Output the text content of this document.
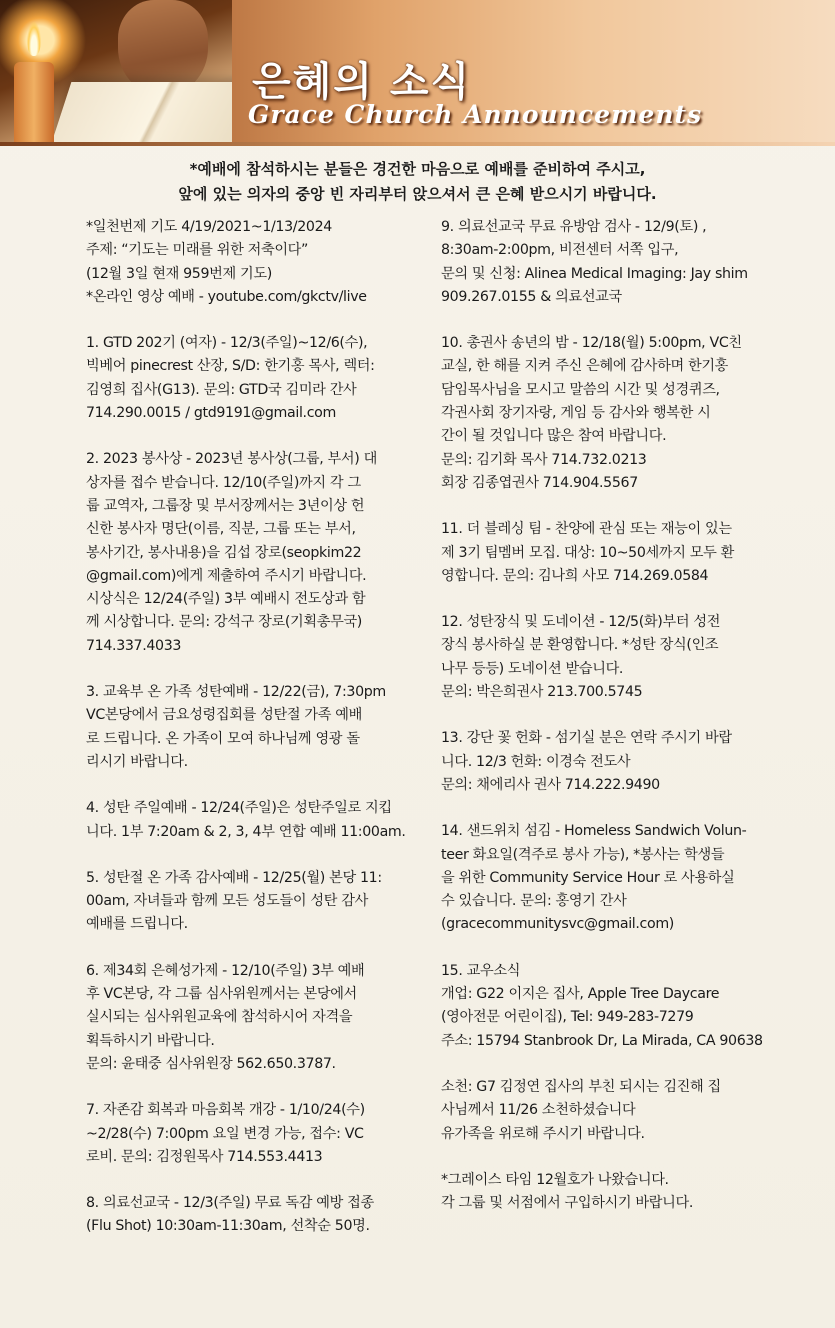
은혜의 소식
Grace Church Announcements
*예배에 참석하시는 분들은 경건한 마음으로 예배를 준비하여 주시고,
앞에 있는 의자의 중앙 빈 자리부터 앉으셔서 큰 은혜 받으시기 바랍니다.

*일천번제 기도 4/19/2021~1/13/2024
주제: “기도는 미래를 위한 저축이다”
(12월 3일 현재 959번제 기도)
*온라인 영상 예배 - youtube.com/gkctv/live

1. GTD 202기 (여자) - 12/3(주일)~12/6(수),
빅베어 pinecrest 산장, S/D: 한기홍 목사, 렉터:
김영희 집사(G13). 문의: GTD국 김미라 간사
714.290.0015 / gtd9191@gmail.com

2. 2023 봉사상 - 2023년 봉사상(그룹, 부서) 대
상자를 접수 받습니다. 12/10(주일)까지 각 그
룹 교역자, 그룹장 및 부서장께서는 3년이상 헌
신한 봉사자 명단(이름, 직분, 그룹 또는 부서,
봉사기간, 봉사내용)을 김섭 장로(seopkim22
@gmail.com)에게 제출하여 주시기 바랍니다.
시상식은 12/24(주일) 3부 예배시 전도상과 함
께 시상합니다. 문의: 강석구 장로(기획총무국)
714.337.4033

3. 교육부 온 가족 성탄예배 - 12/22(금), 7:30pm
VC본당에서 금요성령집회를 성탄절 가족 예배
로 드립니다. 온 가족이 모여 하나님께 영광 돌
리시기 바랍니다.

4. 성탄 주일예배 - 12/24(주일)은 성탄주일로 지킵
니다. 1부 7:20am & 2, 3, 4부 연합 예배 11:00am.

5. 성탄절 온 가족 감사예배 - 12/25(월) 본당 11:
00am, 자녀들과 함께 모든 성도들이 성탄 감사
예배를 드립니다.

6. 제34회 은혜성가제 - 12/10(주일) 3부 예배
후 VC본당, 각 그룹 심사위원께서는 본당에서
실시되는 심사위원교육에 참석하시어 자격을
획득하시기 바랍니다.
문의: 윤태중 심사위원장 562.650.3787.

7. 자존감 회복과 마음회복 개강 - 1/10/24(수)
~2/28(수) 7:00pm 요일 변경 가능, 접수: VC
로비. 문의: 김정원목사 714.553.4413

8. 의료선교국 - 12/3(주일) 무료 독감 예방 접종
(Flu Shot) 10:30am-11:30am, 선착순 50명.

9. 의료선교국 무료 유방암 검사 - 12/9(토) ,
8:30am-2:00pm, 비전센터 서쪽 입구,
문의 및 신청: Alinea Medical Imaging: Jay shim
909.267.0155 & 의료선교국

10. 총권사 송년의 밤 - 12/18(월) 5:00pm, VC친
교실, 한 해를 지켜 주신 은혜에 감사하며 한기홍
담임목사님을 모시고 말씀의 시간 및 성경퀴즈,
각권사회 장기자랑, 게임 등 감사와 행복한 시
간이 될 것입니다 많은 참여 바랍니다.
문의: 김기화 목사 714.732.0213
회장 김종엽권사 714.904.5567

11. 더 블레싱 팀 - 찬양에 관심 또는 재능이 있는
제 3기 팀멤버 모집. 대상: 10~50세까지 모두 환
영합니다. 문의: 김나희 사모 714.269.0584

12. 성탄장식 및 도네이션 - 12/5(화)부터 성전
장식 봉사하실 분 환영합니다. *성탄 장식(인조
나무 등등) 도네이션 받습니다.
문의: 박은희권사 213.700.5745

13. 강단 꽃 헌화 - 섬기실 분은 연락 주시기 바랍
니다. 12/3 헌화: 이경숙 전도사
문의: 채에리사 권사 714.222.9490

14. 샌드위치 섬김 - Homeless Sandwich Volun-
teer 화요일(격주로 봉사 가능), *봉사는 학생들
을 위한 Community Service Hour 로 사용하실
수 있습니다. 문의: 홍영기 간사
(gracecommunitysvc@gmail.com)

15. 교우소식
개업: G22 이지은 집사, Apple Tree Daycare
(영아전문 어린이집), Tel: 949-283-7279
주소: 15794 Stanbrook Dr, La Mirada, CA 90638

소천: G7 김정연 집사의 부친 되시는 김진해 집
사님께서 11/26 소천하셨습니다
유가족을 위로해 주시기 바랍니다.

*그레이스 타임 12월호가 나왔습니다.
각 그룹 및 서점에서 구입하시기 바랍니다.
